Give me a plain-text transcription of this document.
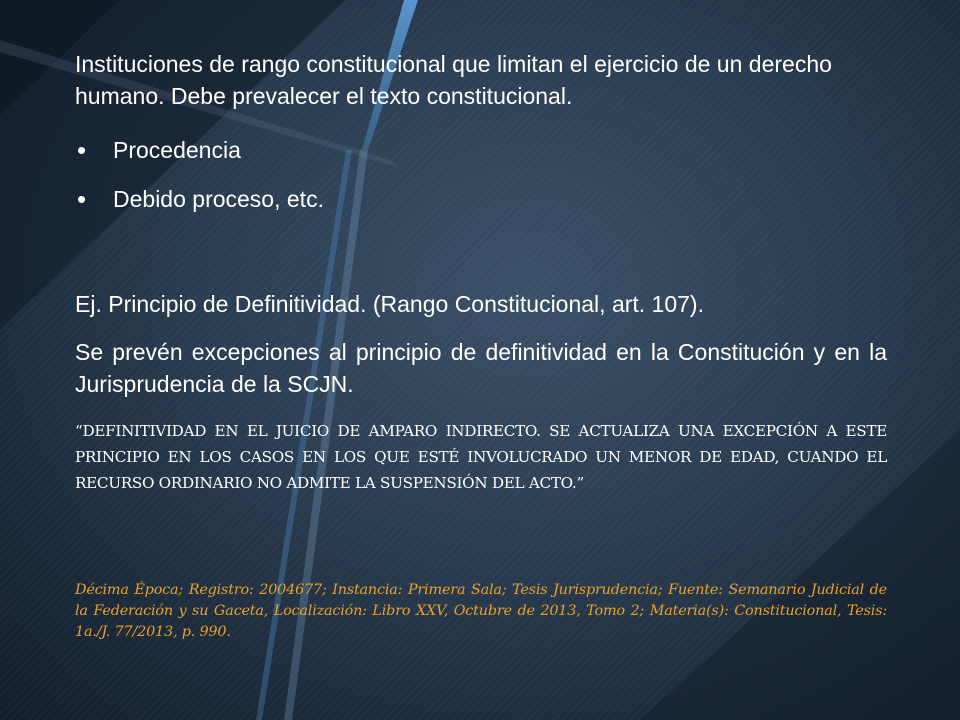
Instituciones de rango constitucional que limitan el ejercicio de un derecho humano. Debe prevalecer el texto constitucional.
• Procedencia
• Debido proceso, etc.
Ej. Principio de Definitividad. (Rango Constitucional, art. 107).
Se prevén excepciones al principio de definitividad en la Constitución y en la Jurisprudencia de la SCJN.
“DEFINITIVIDAD EN EL JUICIO DE AMPARO INDIRECTO. SE ACTUALIZA UNA EXCEPCIÓN A ESTE PRINCIPIO EN LOS CASOS EN LOS QUE ESTÉ INVOLUCRADO UN MENOR DE EDAD, CUANDO EL RECURSO ORDINARIO NO ADMITE LA SUSPENSIÓN DEL ACTO.”
Décima Época; Registro: 2004677; Instancia: Primera Sala; Tesis Jurisprudencia; Fuente: Semanario Judicial de la Federación y su Gaceta, Localización: Libro XXV, Octubre de 2013, Tomo 2; Materia(s): Constitucional, Tesis: 1a./J. 77/2013, p. 990.
